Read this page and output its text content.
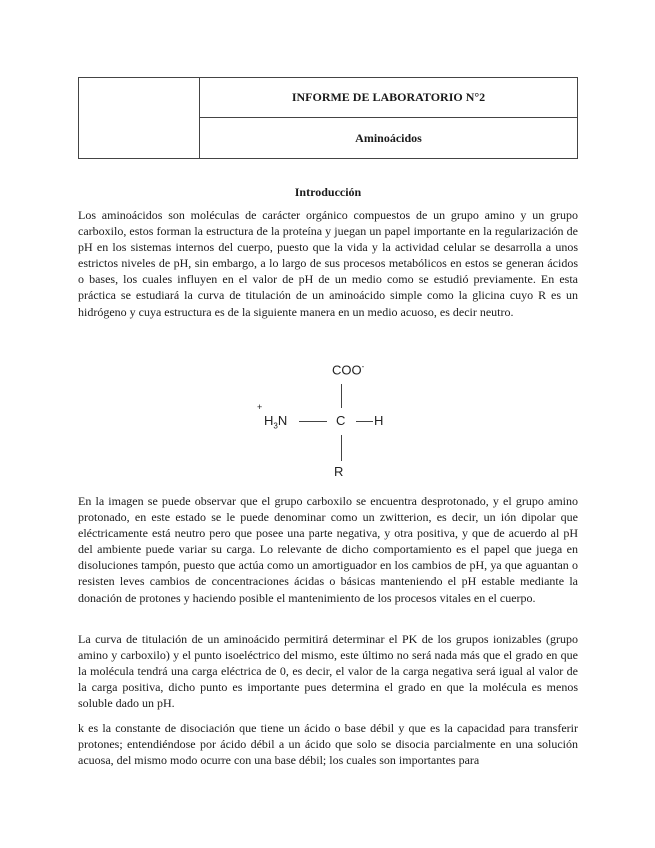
INFORME DE LABORATORIO N°2
Aminoácidos
Introducción

Los aminoácidos son moléculas de carácter orgánico compuestos de un grupo amino y un grupo carboxilo, estos forman la estructura de la proteína y juegan un papel importante en la regularización de pH en los sistemas internos del cuerpo, puesto que la vida y la actividad celular se desarrolla a unos estrictos niveles de pH, sin embargo, a lo largo de sus procesos metabólicos en estos se generan ácidos o bases, los cuales influyen en el valor de pH de un medio como se estudió previamente. En esta práctica se estudiará la curva de titulación de un aminoácido simple como la glicina cuyo R es un hidrógeno y cuya estructura es de la siguiente manera en un medio acuoso, es decir neutro.

COO-
+
$H_3N$	C H
R

En la imagen se puede observar que el grupo carboxilo se encuentra desprotonado, y el grupo amino protonado, en este estado se le puede denominar como un zwitterion, es decir, un ión dipolar que eléctricamente está neutro pero que posee una parte negativa, y otra positiva, y que de acuerdo al pH del ambiente puede variar su carga. Lo relevante de dicho comportamiento es el papel que juega en disoluciones tampón, puesto que actúa como un amortiguador en los cambios de pH, ya que aguantan o resisten leves cambios de concentraciones ácidas o básicas manteniendo el pH estable mediante la donación de protones y haciendo posible el mantenimiento de los procesos vitales en el cuerpo.

La curva de titulación de un aminoácido permitirá determinar el PK de los grupos ionizables (grupo amino y carboxilo) y el punto isoeléctrico del mismo, este último no será nada más que el grado en que la molécula tendrá una carga eléctrica de 0, es decir, el valor de la carga negativa será igual al valor de la carga positiva, dicho punto es importante pues determina el grado en que la molécula es menos soluble dado un pH.

k es la constante de disociación que tiene un ácido o base débil y que es la capacidad para transferir protones; entendiéndose por ácido débil a un ácido que solo se disocia parcialmente en una solución acuosa, del mismo modo ocurre con una base débil; los cuales son importantes para
